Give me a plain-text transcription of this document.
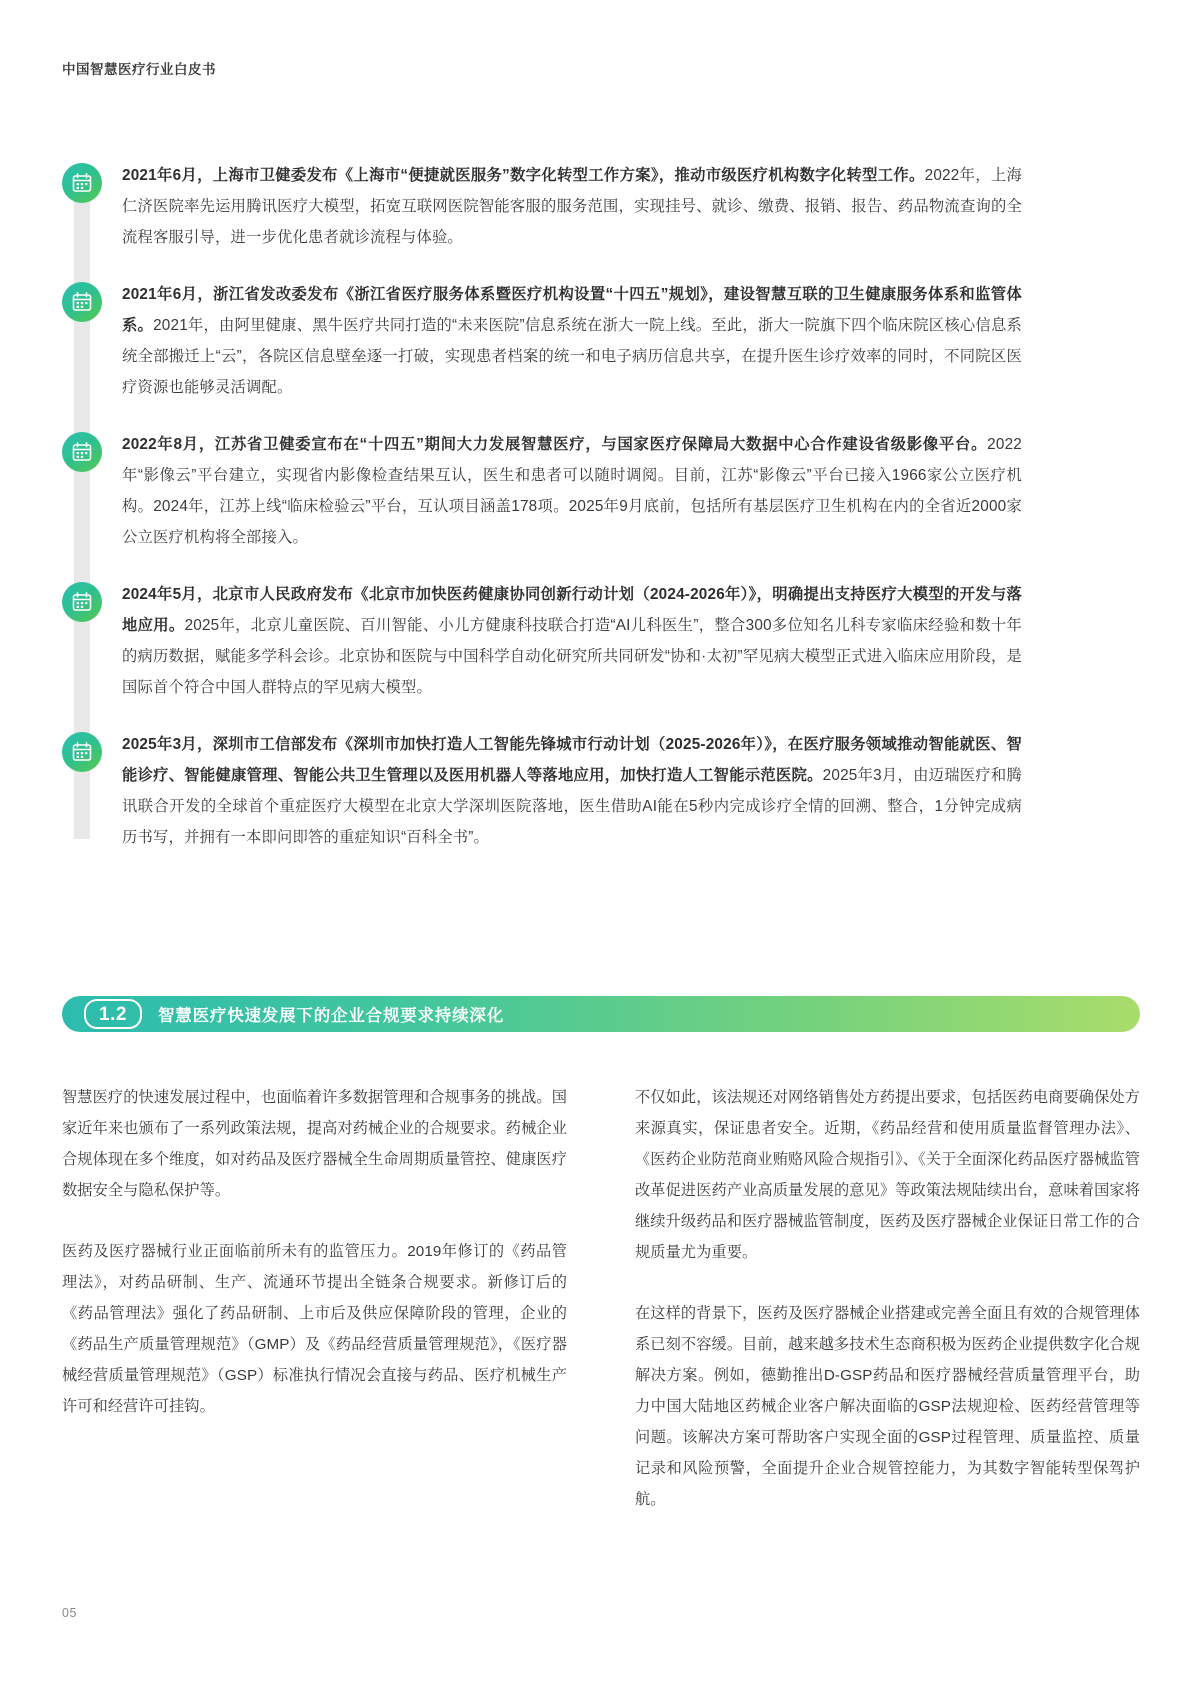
中国智慧医疗行业白皮书
2021年6月，上海市卫健委发布《上海市“便捷就医服务”数字化转型工作方案》，推动市级医疗机构数字化转型工作。2022年，上海仁济医院率先运用腾讯医疗大模型，拓宽互联网医院智能客服的服务范围，实现挂号、就诊、缴费、报销、报告、药品物流查询的全流程客服引导，进一步优化患者就诊流程与体验。
2021年6月，浙江省发改委发布《浙江省医疗服务体系暨医疗机构设置“十四五”规划》，建设智慧互联的卫生健康服务体系和监管体系。2021年，由阿里健康、黑牛医疗共同打造的“未来医院”信息系统在浙大一院上线。至此，浙大一院旗下四个临床院区核心信息系统全部搬迁上“云”，各院区信息壁垒逐一打破，实现患者档案的统一和电子病历信息共享，在提升医生诊疗效率的同时，不同院区医疗资源也能够灵活调配。
2022年8月，江苏省卫健委宣布在“十四五”期间大力发展智慧医疗，与国家医疗保障局大数据中心合作建设省级影像平台。2022年“影像云”平台建立，实现省内影像检查结果互认，医生和患者可以随时调阅。目前，江苏“影像云”平台已接入1966家公立医疗机构。2024年，江苏上线“临床检验云”平台，互认项目涵盖178项。2025年9月底前，包括所有基层医疗卫生机构在内的全省近2000家公立医疗机构将全部接入。
2024年5月，北京市人民政府发布《北京市加快医药健康协同创新行动计划（2024-2026年）》，明确提出支持医疗大模型的开发与落地应用。2025年，北京儿童医院、百川智能、小儿方健康科技联合打造“AI儿科医生”，整合300多位知名儿科专家临床经验和数十年的病历数据，赋能多学科会诊。北京协和医院与中国科学自动化研究所共同研发“协和·太初”罕见病大模型正式进入临床应用阶段，是国际首个符合中国人群特点的罕见病大模型。
2025年3月，深圳市工信部发布《深圳市加快打造人工智能先锋城市行动计划（2025-2026年）》，在医疗服务领域推动智能就医、智能诊疗、智能健康管理、智能公共卫生管理以及医用机器人等落地应用，加快打造人工智能示范医院。2025年3月，由迈瑞医疗和腾讯联合开发的全球首个重症医疗大模型在北京大学深圳医院落地，医生借助AI能在5秒内完成诊疗全情的回溯、整合，1分钟完成病历书写，并拥有一本即问即答的重症知识“百科全书”。
1.2	智慧医疗快速发展下的企业合规要求持续深化

智慧医疗的快速发展过程中，也面临着许多数据管理和合规事务的挑战。国家近年来也颁布了一系列政策法规，提高对药械企业的合规要求。药械企业合规体现在多个维度，如对药品及医疗器械全生命周期质量管控、健康医疗数据安全与隐私保护等。

医药及医疗器械行业正面临前所未有的监管压力。2019年修订的《药品管理法》，对药品研制、生产、流通环节提出全链条合规要求。新修订后的《药品管理法》强化了药品研制、上市后及供应保障阶段的管理，企业的《药品生产质量管理规范》（GMP）及《药品经营质量管理规范》，《医疗器械经营质量管理规范》（GSP）标准执行情况会直接与药品、医疗机械生产许可和经营许可挂钩。

不仅如此，该法规还对网络销售处方药提出要求，包括医药电商要确保处方来源真实，保证患者安全。近期，《药品经营和使用质量监督管理办法》、《医药企业防范商业贿赂风险合规指引》、《关于全面深化药品医疗器械监管改革促进医药产业高质量发展的意见》等政策法规陆续出台，意味着国家将继续升级药品和医疗器械监管制度，医药及医疗器械企业保证日常工作的合规质量尤为重要。

在这样的背景下，医药及医疗器械企业搭建或完善全面且有效的合规管理体系已刻不容缓。目前，越来越多技术生态商积极为医药企业提供数字化合规解决方案。例如，德勤推出D-GSP药品和医疗器械经营质量管理平台，助力中国大陆地区药械企业客户解决面临的GSP法规迎检、医药经营管理等问题。该解决方案可帮助客户实现全面的GSP过程管理、质量监控、质量记录和风险预警，全面提升企业合规管控能力，为其数字智能转型保驾护航。

05
